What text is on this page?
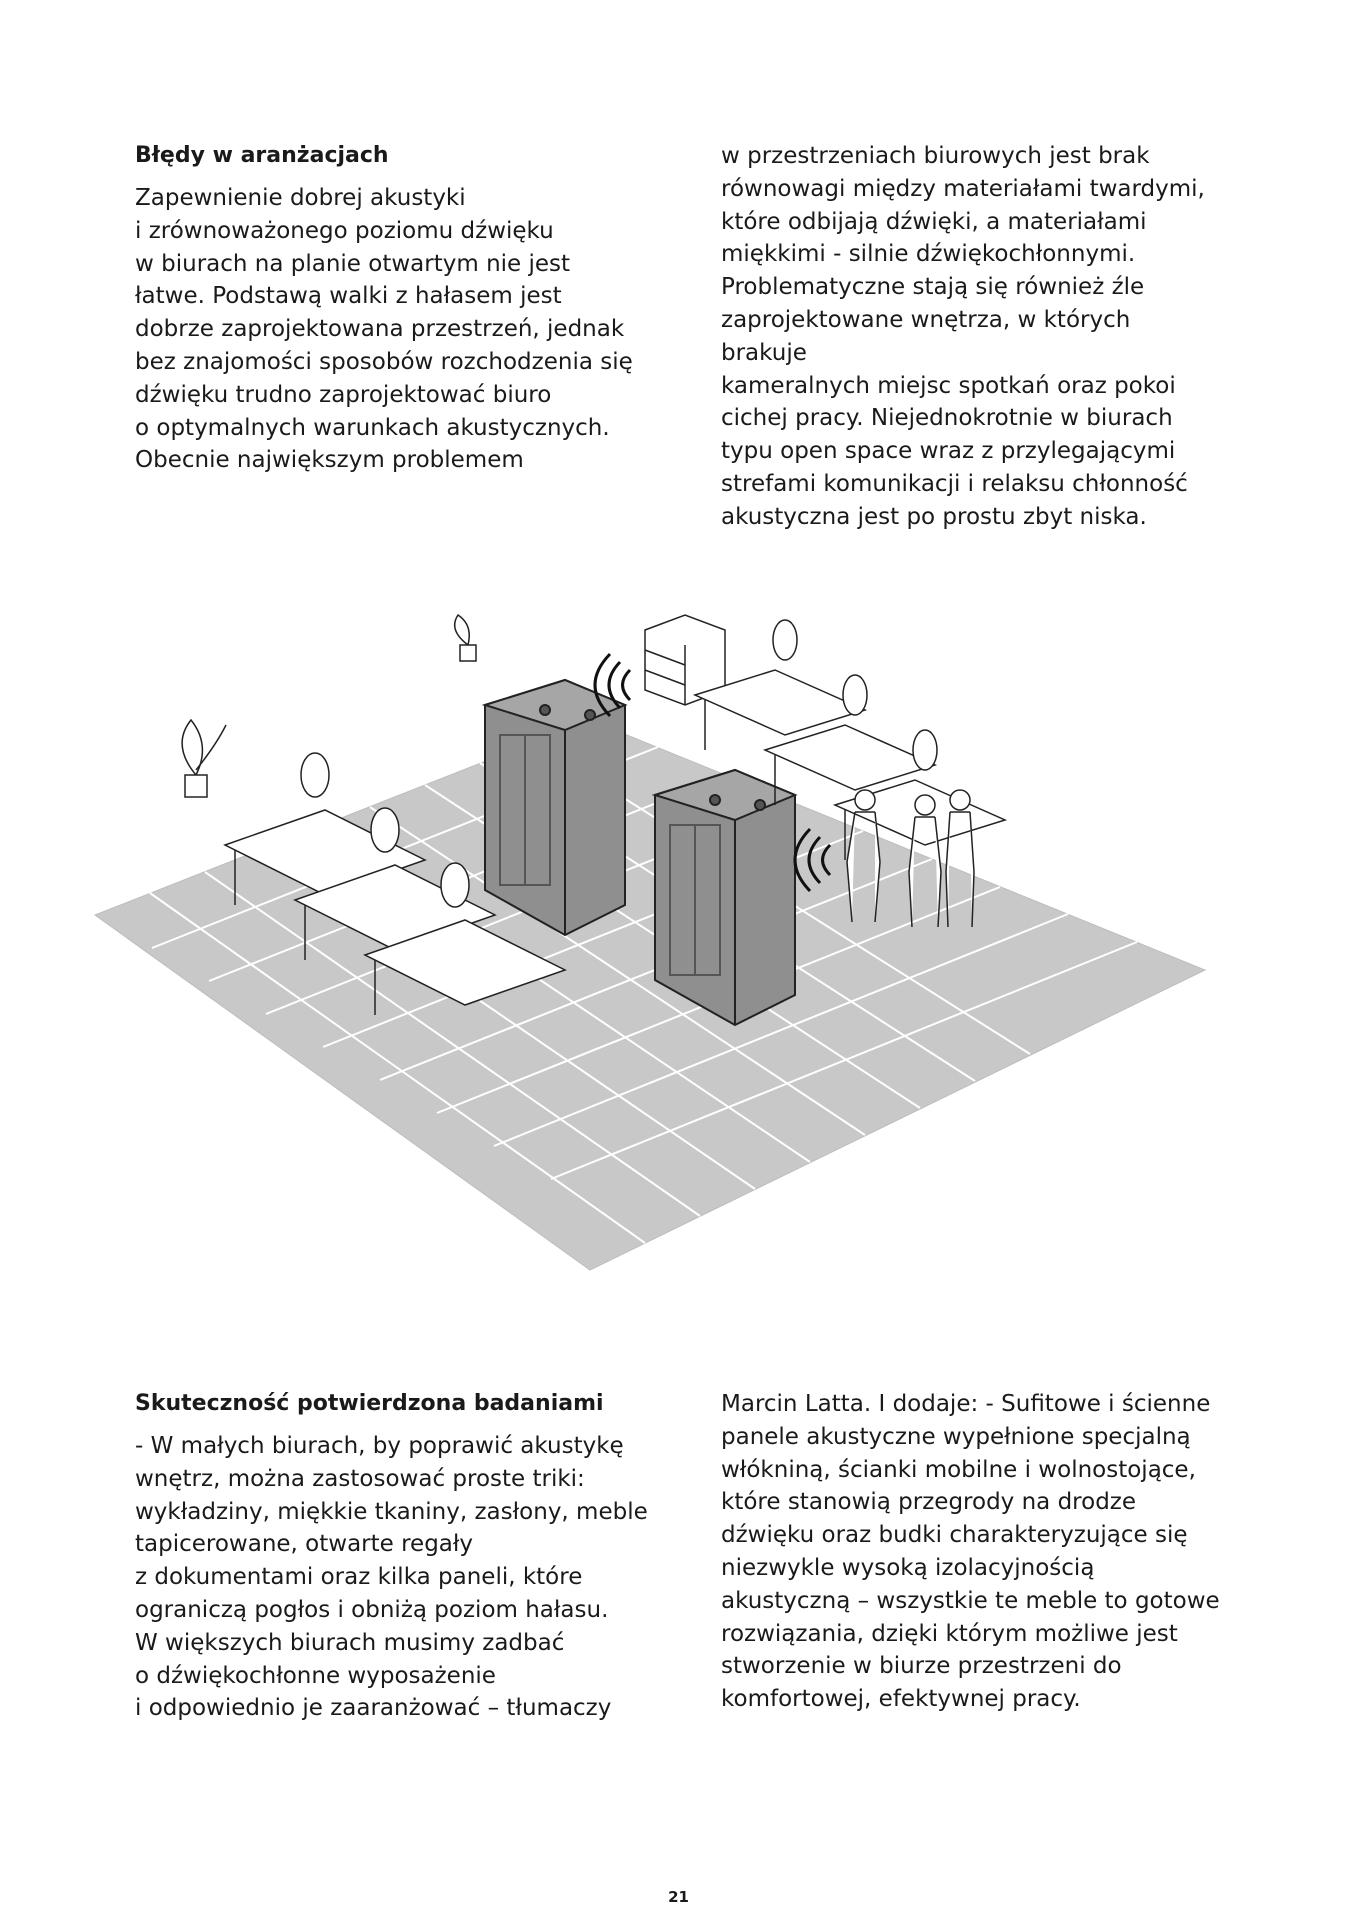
Błędy w aranżacjach

Zapewnienie dobrej akustyki
i zrównoważonego poziomu dźwięku
w biurach na planie otwartym nie jest
łatwe. Podstawą walki z hałasem jest
dobrze zaprojektowana przestrzeń, jednak
bez znajomości sposobów rozchodzenia się
dźwięku trudno zaprojektować biuro
o optymalnych warunkach akustycznych.
Obecnie największym problemem

w przestrzeniach biurowych jest brak
równowagi między materiałami twardymi,
które odbijają dźwięki, a materiałami
miękkimi - silnie dźwiękochłonnymi.
Problematyczne stają się również źle
zaprojektowane wnętrza, w których brakuje
kameralnych miejsc spotkań oraz pokoi
cichej pracy. Niejednokrotnie w biurach
typu open space wraz z przylegającymi
strefami komunikacji i relaksu chłonność
akustyczna jest po prostu zbyt niska.

Skuteczność potwierdzona badaniami

- W małych biurach, by poprawić akustykę
wnętrz, można zastosować proste triki:
wykładziny, miękkie tkaniny, zasłony, meble
tapicerowane, otwarte regały
z dokumentami oraz kilka paneli, które
ograniczą pogłos i obniżą poziom hałasu.
W większych biurach musimy zadbać
o dźwiękochłonne wyposażenie
i odpowiednio je zaaranżować – tłumaczy

Marcin Latta. I dodaje: - Sufitowe i ścienne
panele akustyczne wypełnione specjalną
włókniną, ścianki mobilne i wolnostojące,
które stanowią przegrody na drodze
dźwięku oraz budki charakteryzujące się
niezwykle wysoką izolacyjnością
akustyczną – wszystkie te meble to gotowe
rozwiązania, dzięki którym możliwe jest
stworzenie w biurze przestrzeni do
komfortowej, efektywnej pracy.

21
